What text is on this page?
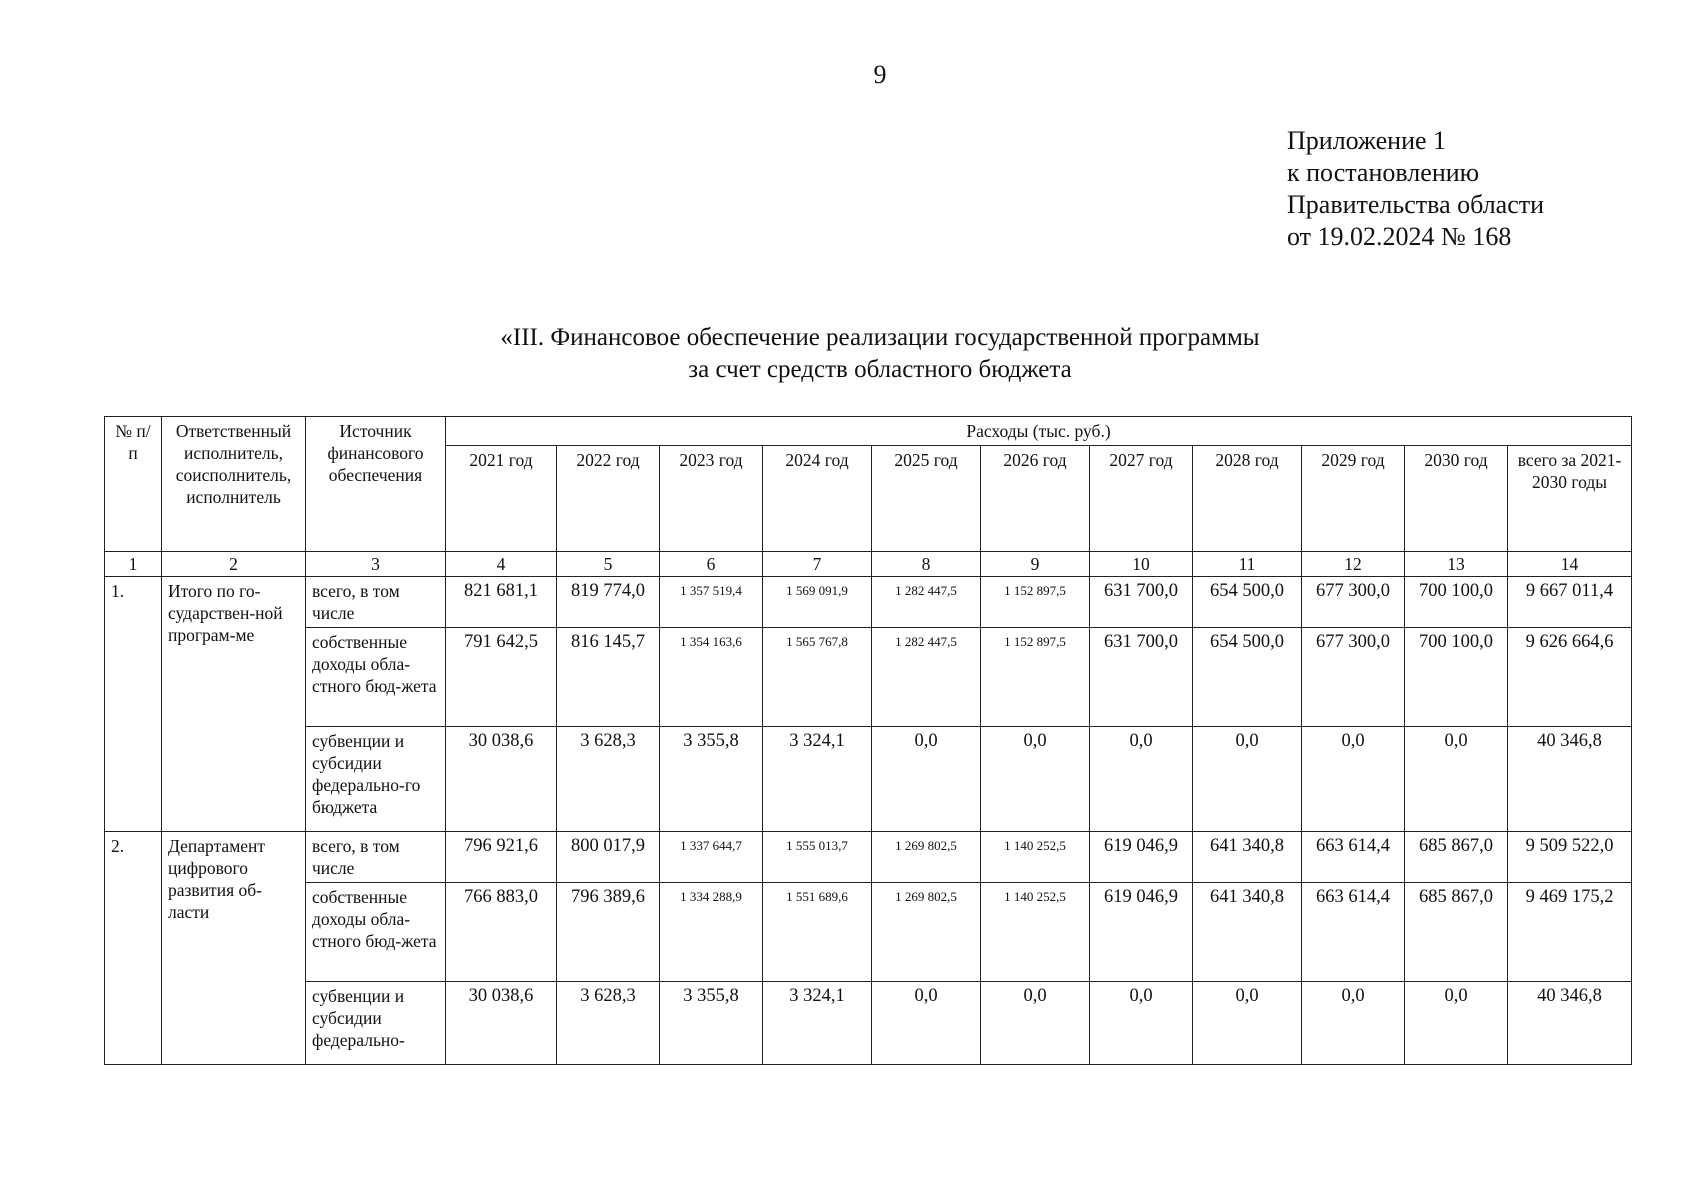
9
Приложение 1
к постановлению
Правительства области
от 19.02.2024 № 168
«III. Финансовое обеспечение реализации государственной программы
за счет средств областного бюджета
№ п/п	Ответственный исполнитель, соисполнитель, исполнитель	Источник финансового обеспечения	Расходы (тыс. руб.)										
			2021 год	2022 год	2023 год	2024 год	2025 год	2026 год	2027 год	2028 год	2029 год	2030 год	всего за 2021-2030 годы
1	2	3	4	5	6	7	8	9	10	11	12	13	14
1.	Итого по го-сударствен-ной програм-ме	всего, в том числе	821 681,1	819 774,0	1 357 519,4	1 569 091,9	1 282 447,5	1 152 897,5	631 700,0	654 500,0	677 300,0	700 100,0	9 667 011,4
		собственные доходы обла-стного бюд-жета	791 642,5	816 145,7	1 354 163,6	1 565 767,8	1 282 447,5	1 152 897,5	631 700,0	654 500,0	677 300,0	700 100,0	9 626 664,6
		субвенции и субсидии федерально-го бюджета	30 038,6	3 628,3	3 355,8	3 324,1	0,0	0,0	0,0	0,0	0,0	0,0	40 346,8
2.	Департамент цифрового развития об-ласти	всего, в том числе	796 921,6	800 017,9	1 337 644,7	1 555 013,7	1 269 802,5	1 140 252,5	619 046,9	641 340,8	663 614,4	685 867,0	9 509 522,0
		собственные доходы обла-стного бюд-жета	766 883,0	796 389,6	1 334 288,9	1 551 689,6	1 269 802,5	1 140 252,5	619 046,9	641 340,8	663 614,4	685 867,0	9 469 175,2
		субвенции и субсидии федерально-	30 038,6	3 628,3	3 355,8	3 324,1	0,0	0,0	0,0	0,0	0,0	0,0	40 346,8
